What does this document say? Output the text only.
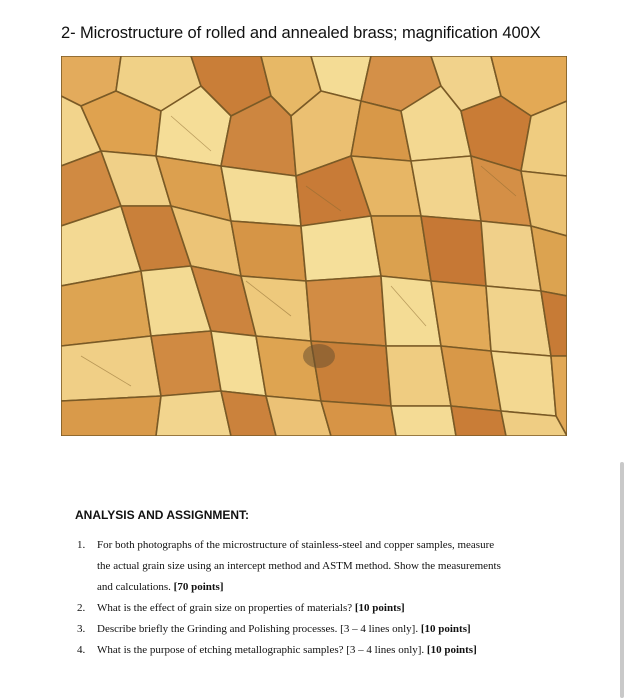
2- Microstructure of rolled and annealed brass; magnification 400X
ANALYSIS AND ASSIGNMENT:
1. For both photographs of the microstructure of stainless-steel and copper samples, measure
the actual grain size using an intercept method and ASTM method. Show the measurements
and calculations. [70 points]
2. What is the effect of grain size on properties of materials? [10 points]
3. Describe briefly the Grinding and Polishing processes. [3 – 4 lines only]. [10 points]
4. What is the purpose of etching metallographic samples? [3 – 4 lines only]. [10 points]
